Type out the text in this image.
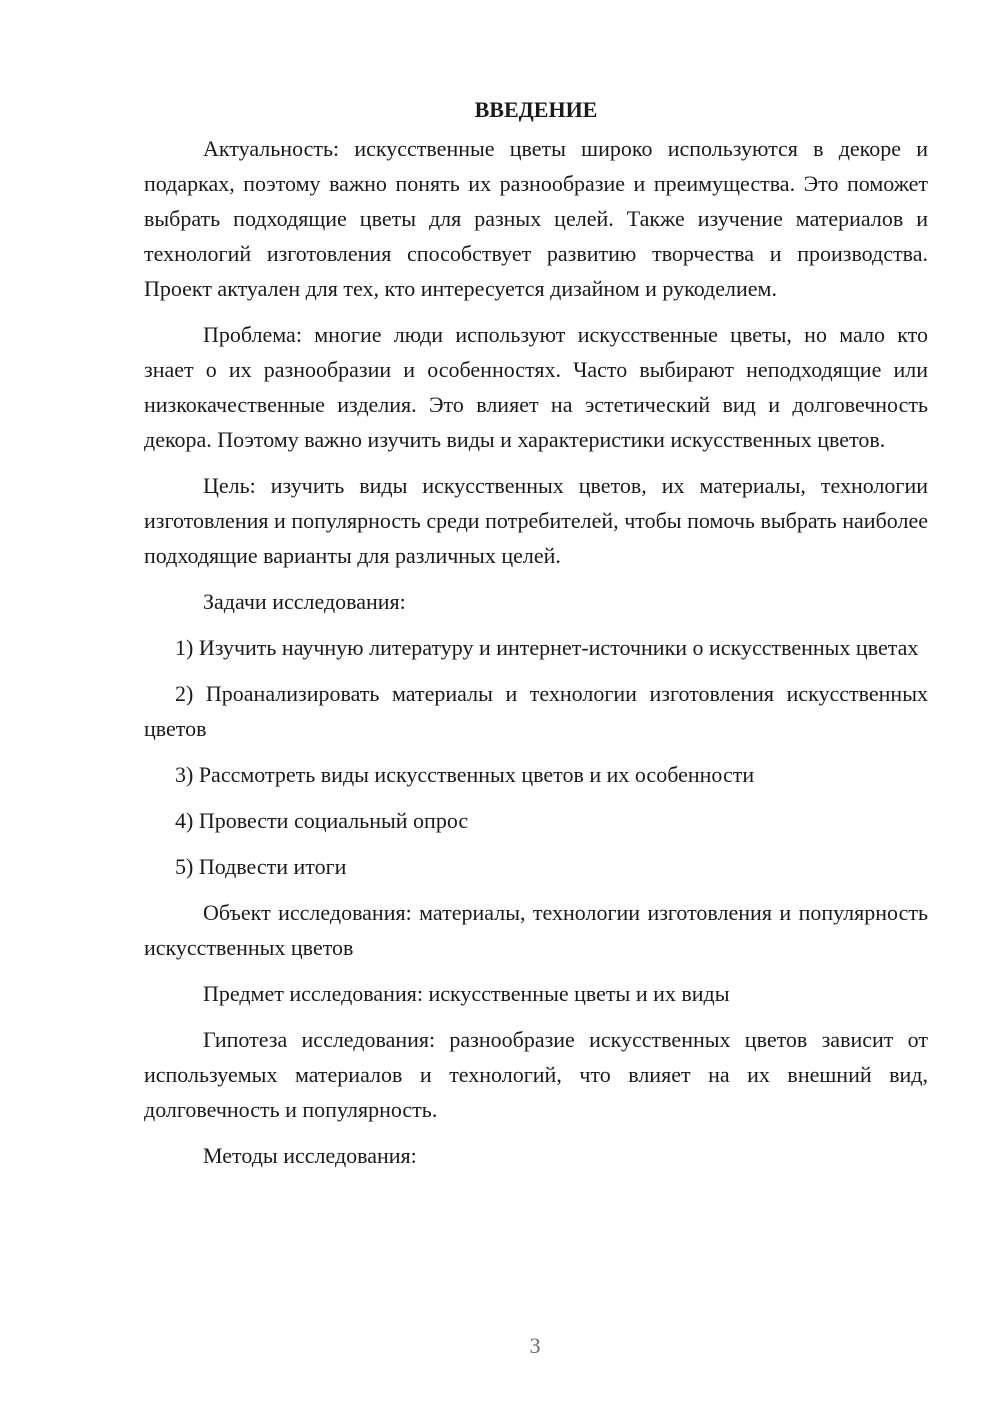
ВВЕДЕНИЕ

Актуальность: искусственные цветы широко используются в декоре и подарках, поэтому важно понять их разнообразие и преимущества. Это поможет выбрать подходящие цветы для разных целей. Также изучение материалов и технологий изготовления способствует развитию творчества и производства. Проект актуален для тех, кто интересуется дизайном и рукоделием.

Проблема: многие люди используют искусственные цветы, но мало кто знает о их разнообразии и особенностях. Часто выбирают неподходящие или низкокачественные изделия. Это влияет на эстетический вид и долговечность декора. Поэтому важно изучить виды и характеристики искусственных цветов.

Цель: изучить виды искусственных цветов, их материалы, технологии изготовления и популярность среди потребителей, чтобы помочь выбрать наиболее подходящие варианты для различных целей.

Задачи исследования:

1) Изучить научную литературу и интернет-источники о искусственных цветах

2) Проанализировать материалы и технологии изготовления искусственных цветов

3) Рассмотреть виды искусственных цветов и их особенности

4) Провести социальный опрос

5) Подвести итоги

Объект исследования: материалы, технологии изготовления и популярность искусственных цветов

Предмет исследования: искусственные цветы и их виды

Гипотеза исследования: разнообразие искусственных цветов зависит от используемых материалов и технологий, что влияет на их внешний вид, долговечность и популярность.

Методы исследования:

3
